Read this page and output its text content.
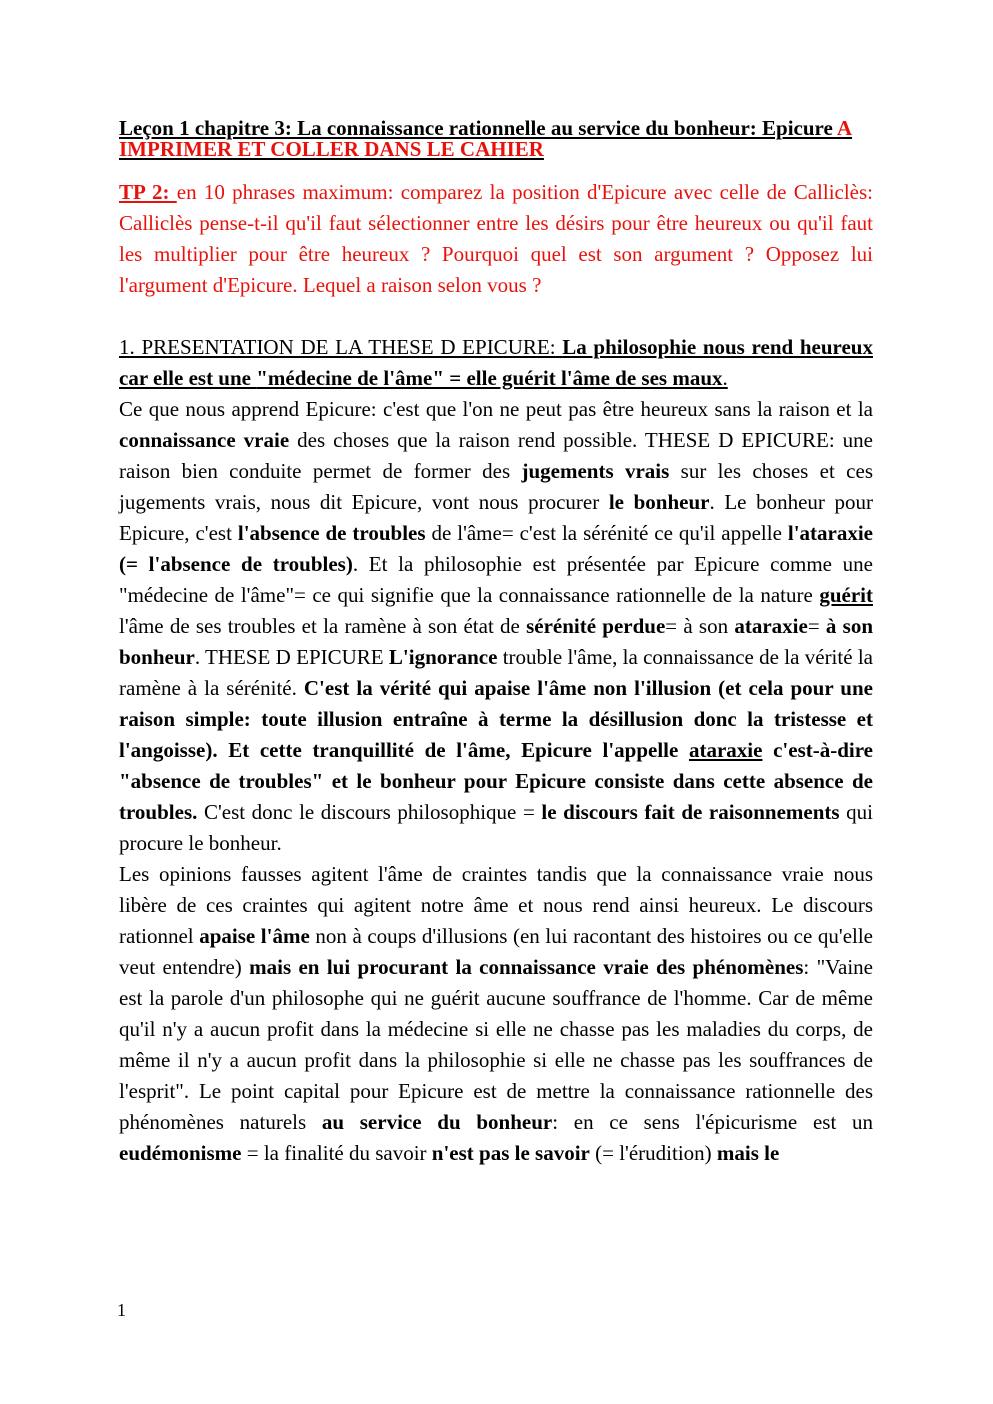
Leçon 1 chapitre 3: La connaissance rationnelle au service du bonheur: Epicure A IMPRIMER ET COLLER DANS LE CAHIER

TP 2: en 10 phrases maximum: comparez la position d'Epicure avec celle de Calliclès: Calliclès pense-t-il qu'il faut sélectionner entre les désirs pour être heureux ou qu'il faut les multiplier pour être heureux ? Pourquoi quel est son argument ? Opposez lui l'argument d'Epicure. Lequel a raison selon vous ?

1. PRESENTATION DE LA THESE D EPICURE: La philosophie nous rend heureux car elle est une "médecine de l'âme" = elle guérit l'âme de ses maux.

Ce que nous apprend Epicure: c'est que l'on ne peut pas être heureux sans la raison et la connaissance vraie des choses que la raison rend possible. THESE D EPICURE: une raison bien conduite permet de former des jugements vrais sur les choses et ces jugements vrais, nous dit Epicure, vont nous procurer le bonheur. Le bonheur pour Epicure, c'est l'absence de troubles de l'âme= c'est la sérénité ce qu'il appelle l'ataraxie (= l'absence de troubles). Et la philosophie est présentée par Epicure comme une "médecine de l'âme"= ce qui signifie que la connaissance rationnelle de la nature guérit l'âme de ses troubles et la ramène à son état de sérénité perdue= à son ataraxie= à son bonheur. THESE D EPICURE L'ignorance trouble l'âme, la connaissance de la vérité la ramène à la sérénité. C'est la vérité qui apaise l'âme non l'illusion (et cela pour une raison simple: toute illusion entraîne à terme la désillusion donc la tristesse et l'angoisse). Et cette tranquillité de l'âme, Epicure l'appelle ataraxie c'est-à-dire "absence de troubles" et le bonheur pour Epicure consiste dans cette absence de troubles. C'est donc le discours philosophique = le discours fait de raisonnements qui procure le bonheur.

Les opinions fausses agitent l'âme de craintes tandis que la connaissance vraie nous libère de ces craintes qui agitent notre âme et nous rend ainsi heureux. Le discours rationnel apaise l'âme non à coups d'illusions (en lui racontant des histoires ou ce qu'elle veut entendre) mais en lui procurant la connaissance vraie des phénomènes: "Vaine est la parole d'un philosophe qui ne guérit aucune souffrance de l'homme. Car de même qu'il n'y a aucun profit dans la médecine si elle ne chasse pas les maladies du corps, de même il n'y a aucun profit dans la philosophie si elle ne chasse pas les souffrances de l'esprit". Le point capital pour Epicure est de mettre la connaissance rationnelle des phénomènes naturels au service du bonheur: en ce sens l'épicurisme est un eudémonisme = la finalité du savoir n'est pas le savoir (= l'érudition) mais le

1
